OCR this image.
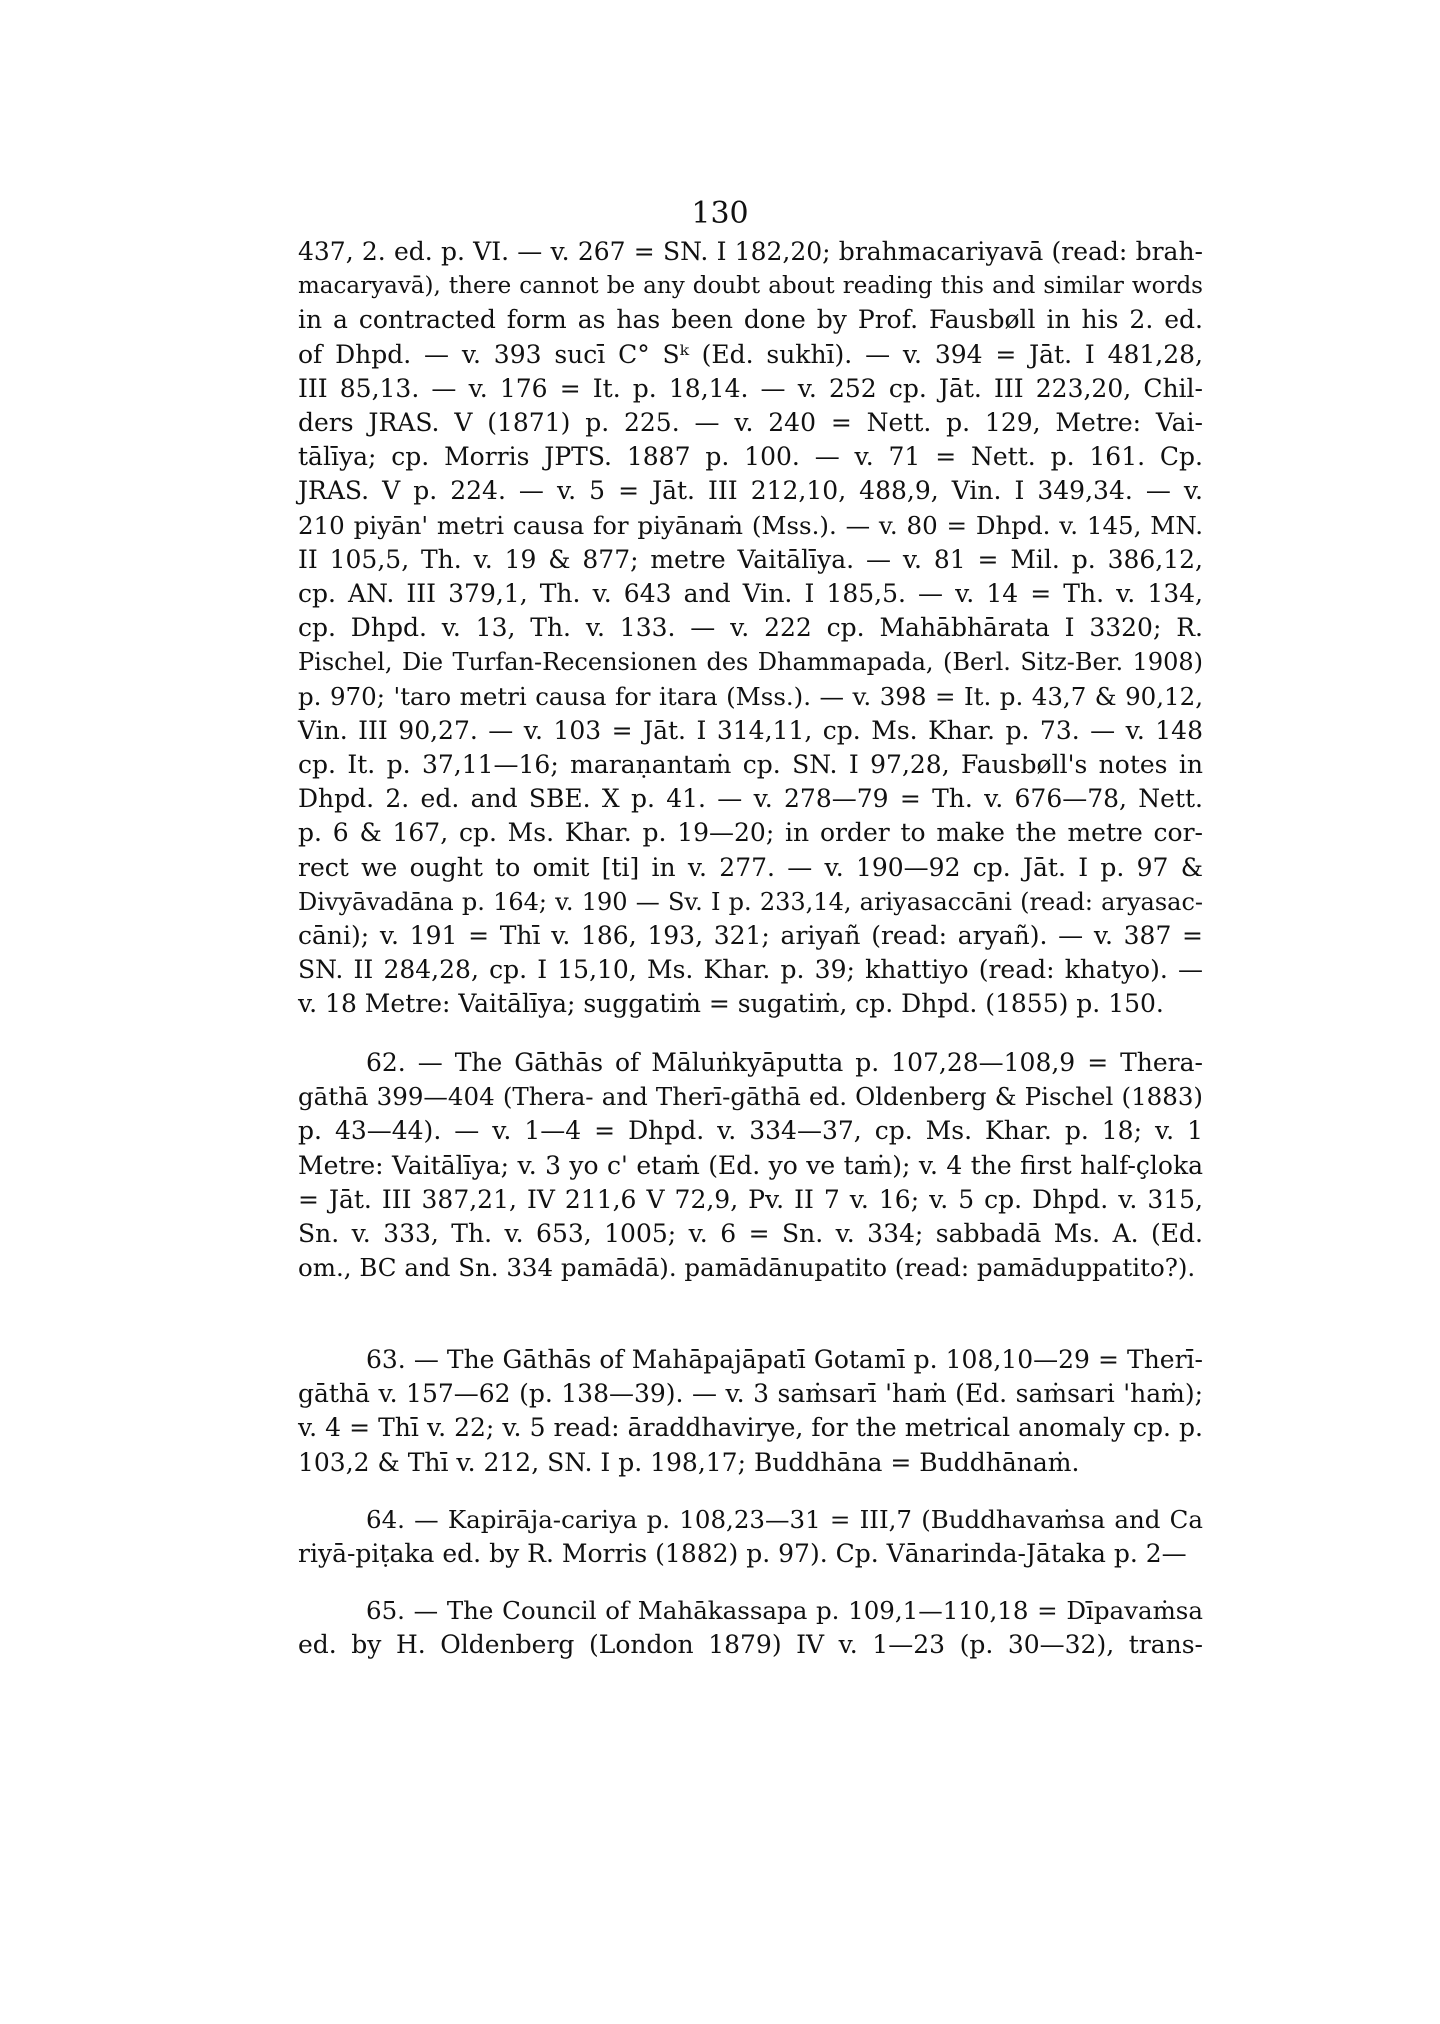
130
437, 2. ed. p. VI. — v. 267 = SN. I 182,20; brahmacariyavā (read: brah-
macaryavā), there cannot be any doubt about reading this and similar words
in a contracted form as has been done by Prof. Fausbøll in his 2. ed.
of Dhpd. — v. 393 sucī C° Sᵏ (Ed. sukhī). — v. 394 = Jāt. I 481,28,
III 85,13. — v. 176 = It. p. 18,14. — v. 252 cp. Jāt. III 223,20, Chil-
ders JRAS. V (1871) p. 225. — v. 240 = Nett. p. 129, Metre: Vai-
tālīya; cp. Morris JPTS. 1887 p. 100. — v. 71 = Nett. p. 161. Cp.
JRAS. V p. 224. — v. 5 = Jāt. III 212,10, 488,9, Vin. I 349,34. — v.
210 piyān' metri causa for piyānaṁ (Mss.). — v. 80 = Dhpd. v. 145, MN.
II 105,5, Th. v. 19 & 877; metre Vaitālīya. — v. 81 = Mil. p. 386,12,
cp. AN. III 379,1, Th. v. 643 and Vin. I 185,5. — v. 14 = Th. v. 134,
cp. Dhpd. v. 13, Th. v. 133. — v. 222 cp. Mahābhārata I 3320; R.
Pischel, Die Turfan-Recensionen des Dhammapada, (Berl. Sitz-Ber. 1908)
p. 970; 'taro metri causa for itara (Mss.). — v. 398 = It. p. 43,7 & 90,12,
Vin. III 90,27. — v. 103 = Jāt. I 314,11, cp. Ms. Khar. p. 73. — v. 148
cp. It. p. 37,11—16; maraṇantaṁ cp. SN. I 97,28, Fausbøll's notes in
Dhpd. 2. ed. and SBE. X p. 41. — v. 278—79 = Th. v. 676—78, Nett.
p. 6 & 167, cp. Ms. Khar. p. 19—20; in order to make the metre cor-
rect we ought to omit [ti] in v. 277. — v. 190—92 cp. Jāt. I p. 97 &
Divyāvadāna p. 164; v. 190 — Sv. I p. 233,14, ariyasaccāni (read: aryasac-
cāni); v. 191 = Thī v. 186, 193, 321; ariyañ (read: aryañ). — v. 387 =
SN. II 284,28, cp. I 15,10, Ms. Khar. p. 39; khattiyo (read: khatyo). —
v. 18 Metre: Vaitālīya; suggatiṁ = sugatiṁ, cp. Dhpd. (1855) p. 150.
62. — The Gāthās of Māluṅkyāputta p. 107,28—108,9 = Thera-
gāthā 399—404 (Thera- and Therī-gāthā ed. Oldenberg & Pischel (1883)
p. 43—44). — v. 1—4 = Dhpd. v. 334—37, cp. Ms. Khar. p. 18; v. 1
Metre: Vaitālīya; v. 3 yo c' etaṁ (Ed. yo ve taṁ); v. 4 the first half-çloka
= Jāt. III 387,21, IV 211,6 V 72,9, Pv. II 7 v. 16; v. 5 cp. Dhpd. v. 315,
Sn. v. 333, Th. v. 653, 1005; v. 6 = Sn. v. 334; sabbadā Ms. A. (Ed.
om., BC and Sn. 334 pamādā). pamādānupatito (read: pamāduppatito?).
63. — The Gāthās of Mahāpajāpatī Gotamī p. 108,10—29 = Therī-
gāthā v. 157—62 (p. 138—39). — v. 3 saṁsarī 'haṁ (Ed. saṁsari 'haṁ);
v. 4 = Thī v. 22; v. 5 read: āraddhavirye, for the metrical anomaly cp. p.
103,2 & Thī v. 212, SN. I p. 198,17; Buddhāna = Buddhānaṁ.
64. — Kapirāja-cariya p. 108,23—31 = III,7 (Buddhavaṁsa and Ca
riyā-piṭaka ed. by R. Morris (1882) p. 97). Cp. Vānarinda-Jātaka p. 2—
65. — The Council of Mahākassapa p. 109,1—110,18 = Dīpavaṁsa
ed. by H. Oldenberg (London 1879) IV v. 1—23 (p. 30—32), trans-
